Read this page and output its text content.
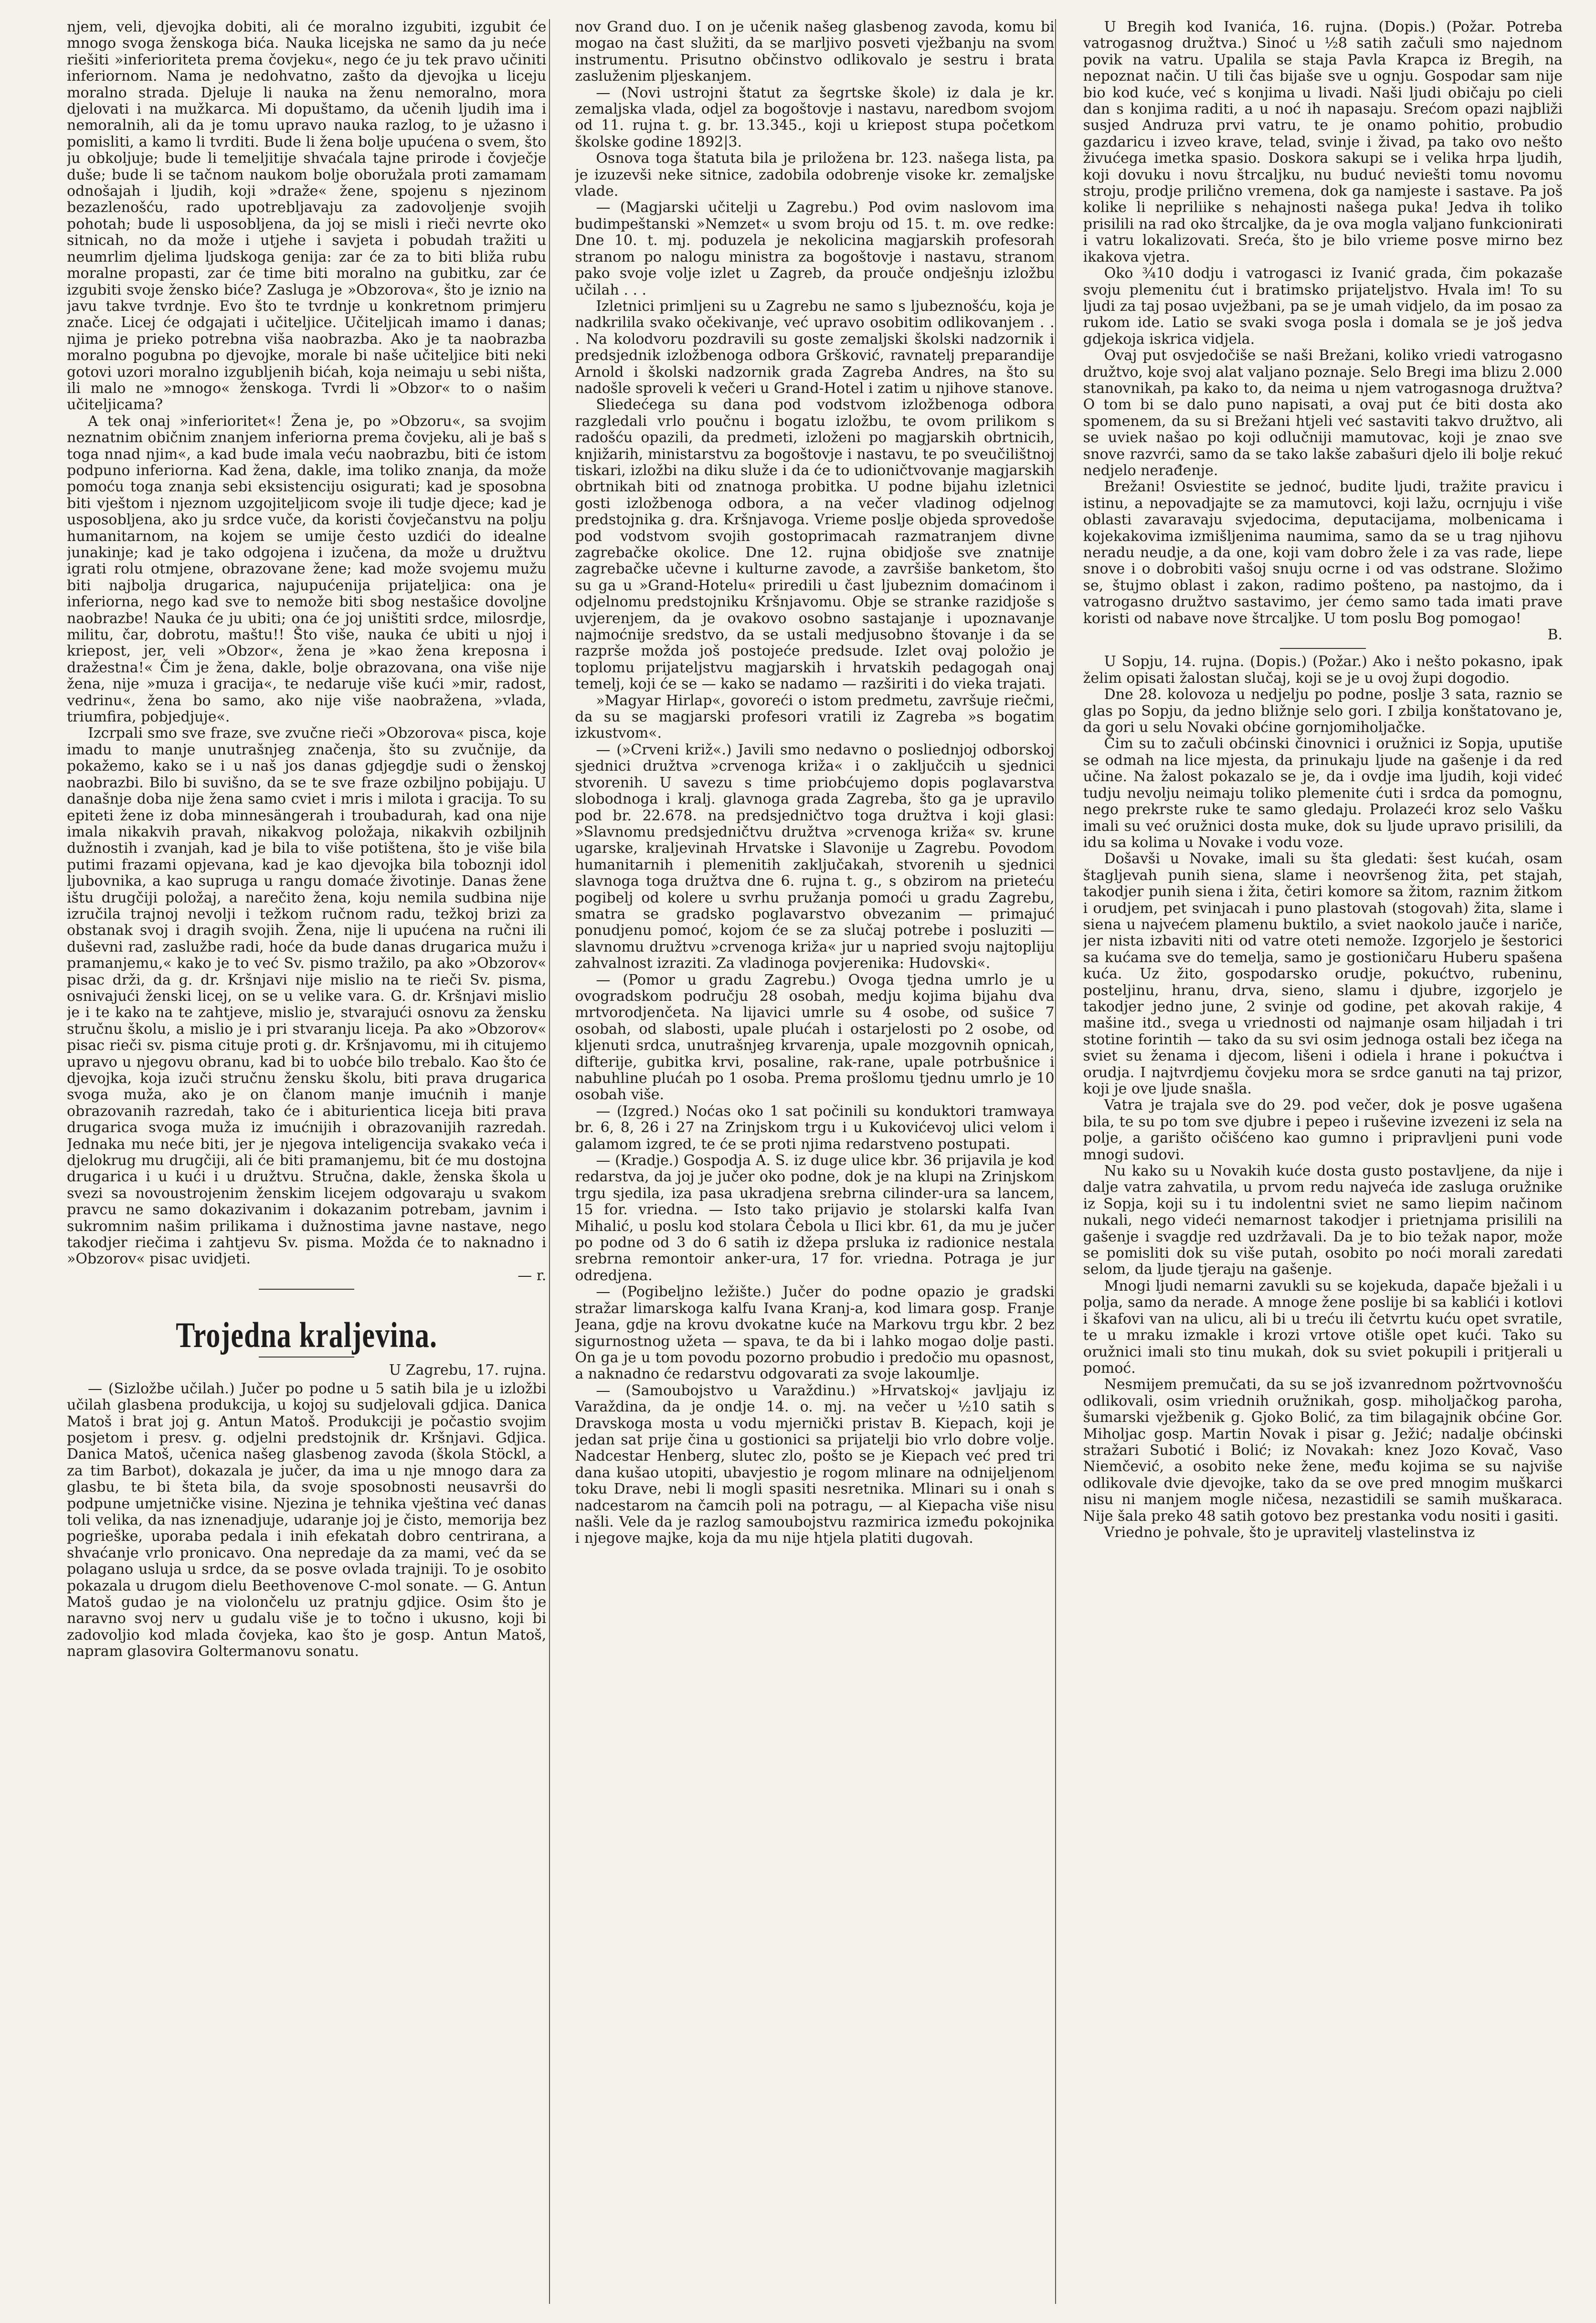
njem, veli, djevojka dobiti, ali će moralno izgubiti, izgubit će mnogo svoga ženskoga bića. Nauka licejska ne samo da ju neće riešiti »inferioriteta prema čovjeku«, nego će ju tek pravo učiniti inferiornom. Nama je nedohvatno, zašto da djevojka u liceju moralno strada. Djeluje li nauka na ženu nemoralno, mora djelovati i na mužkarca. Mi dopuštamo, da učenih ljudih ima i nemoralnih, ali da je tomu upravo nauka razlog, to je užasno i pomisliti, a kamo li tvrditi. Bude li žena bolje upućena o svem, što ju obkoljuje; bude li temeljitije shvaćala tajne prirode i čovječje duše; bude li se tačnom naukom bolje oboružala proti zamamam odnošajah i ljudih, koji »draže« žene, spojenu s njezinom bezazlenošću, rado upotrebljavaju za zadovoljenje svojih pohotah; bude li usposobljena, da joj se misli i rieči nevrte oko sitnicah, no da može i utjehe i savjeta i pobudah tražiti u neumrlim djelima ljudskoga genija: zar će za to biti bliža rubu moralne propasti, zar će time biti moralno na gubitku, zar će izgubiti svoje žensko biće? Zasluga je »Obzorova«, što je iznio na javu takve tvrdnje. Evo što te tvrdnje u konkretnom primjeru znače. Licej će odgajati i učiteljice. Učiteljicah imamo i danas; njima je prieko potrebna viša naobrazba. Ako je ta naobrazba moralno pogubna po djevojke, morale bi naše učiteljice biti neki gotovi uzori moralno izgubljenih bićah, koja neimaju u sebi ništa, ili malo ne »mnogo« ženskoga. Tvrdi li »Obzor« to o našim učiteljicama?

A tek onaj »inferioritet«! Žena je, po »Obzoru«, sa svojim neznatnim običnim znanjem inferiorna prema čovjeku, ali je baš s toga nnad njim«, a kad bude imala veću naobrazbu, biti će istom podpuno inferiorna. Kad žena, dakle, ima toliko znanja, da može pomoću toga znanja sebi eksistenciju osigurati; kad je sposobna biti vještom i njeznom uzgojiteljicom svoje ili tudje djece; kad je usposobljena, ako ju srdce vuče, da koristi čovječanstvu na polju humanitarnom, na kojem se umije često uzdići do idealne junakinje; kad je tako odgojena i izučena, da može u družtvu igrati rolu otmjene, obrazovane žene; kad može svojemu mužu biti najbolja drugarica, najupućenija prijateljica: ona je inferiorna, nego kad sve to nemože biti sbog nestašice dovoljne naobrazbe! Nauka će ju ubiti; ona će joj uništiti srdce, milosrdje, militu, čar, dobrotu, maštu!! Što više, nauka će ubiti u njoj i kriepost, jer, veli »Obzor«, žena je »kao žena kreposna i dražestna!« Čim je žena, dakle, bolje obrazovana, ona više nije žena, nije »muza i gracija«, te nedaruje više kući »mir, radost, vedrinu«, žena bo samo, ako nije više naobražena, »vlada, triumfira, pobjedjuje«.

Izcrpali smo sve fraze, sve zvučne rieči »Obzorova« pisca, koje imadu to manje unutrašnjeg značenja, što su zvučnije, da pokažemo, kako se i u naš jos danas gdjegdje sudi o ženskoj naobrazbi. Bilo bi suvišno, da se te sve fraze ozbiljno pobijaju. U današnje doba nije žena samo cviet i mris i milota i gracija. To su epiteti žene iz doba minnesängerah i troubadurah, kad ona nije imala nikakvih pravah, nikakvog položaja, nikakvih ozbiljnih dužnostih i zvanjah, kad je bila to više potištena, što je više bila putimi frazami opjevana, kad je kao djevojka bila toboznji idol ljubovnika, a kao supruga u rangu domaće životinje. Danas žene ištu drugčiji položaj, a narečito žena, koju nemila sudbina nije izručila trajnoj nevolji i težkom ručnom radu, težkoj brizi za obstanak svoj i dragih svojih. Žena, nije li upućena na ručni ili duševni rad, zaslužbe radi, hoće da bude danas drugarica mužu i pramanjemu,« kako je to već Sv. pismo tražilo, pa ako »Obzorov« pisac drži, da g. dr. Kršnjavi nije mislio na te rieči Sv. pisma, osnivajući ženski licej, on se u velike vara. G. dr. Kršnjavi mislio je i te kako na te zahtjeve, mislio je, stvarajući osnovu za žensku stručnu školu, a mislio je i pri stvaranju liceja. Pa ako »Obzorov« pisac rieči sv. pisma cituje proti g. dr. Kršnjavomu, mi ih citujemo upravo u njegovu obranu, kad bi to uobće bilo trebalo. Kao što će djevojka, koja izuči stručnu žensku školu, biti prava drugarica svoga muža, ako je on članom manje imućnih i manje obrazovanih razredah, tako će i abiturientica liceja biti prava drugarica svoga muža iz imućnijih i obrazovanijih razredah. Jednaka mu neće biti, jer je njegova inteligencija svakako veća i djelokrug mu drugčiji, ali će biti pramanjemu, bit će mu dostojna drugarica i u kući i u družtvu. Stručna, dakle, ženska škola u svezi sa novoustrojenim ženskim licejem odgovaraju u svakom pravcu ne samo dokazivanim i dokazanim potrebam, javnim i sukromnim našim prilikama i dužnostima javne nastave, nego takodjer riečima i zahtjevu Sv. pisma. Možda će to naknadno i »Obzorov« pisac uvidjeti.

— r.

Trojedna kraljevina.

U Zagrebu, 17. rujna.

— (Sizložbe učilah.) Jučer po podne u 5 satih bila je u izložbi učilah glasbena produkcija, u kojoj su sudjelovali gdjica. Danica Matoš i brat joj g. Antun Matoš. Produkciji je počastio svojim posjetom i presv. g. odjelni predstojnik dr. Kršnjavi. Gdjica. Danica Matoš, učenica našeg glasbenog zavoda (škola Stöckl, a za tim Barbot), dokazala je jučer, da ima u nje mnogo dara za glasbu, te bi šteta bila, da svoje sposobnosti neusavrši do podpune umjetničke visine. Njezina je tehnika vještina već danas toli velika, da nas iznenadjuje, udaranje joj je čisto, memorija bez pogrieške, uporaba pedala i inih efekatah dobro centrirana, a shvaćanje vrlo pronicavo. Ona nepredaje da za mami, već da se polagano usluja u srdce, da se posve ovlada trajniji. To je osobito pokazala u drugom dielu Beethovenove C-mol sonate. — G. Antun Matoš gudao je na violončelu uz pratnju gdjice. Osim što je naravno svoj nerv u gudalu više je to točno i ukusno, koji bi zadovoljio kod mlada čovjeka, kao što je gosp. Antun Matoš, napram glasovira Goltermanovu sonatu.

nov Grand duo. I on je učenik našeg glasbenog zavoda, komu bi mogao na čast služiti, da se marljivo posveti vježbanju na svom instrumentu. Prisutno občinstvo odlikovalo je sestru i brata zasluženim pljeskanjem.

— (Novi ustrojni štatut za šegrtske škole) iz dala je kr. zemaljska vlada, odjel za bogoštovje i nastavu, naredbom svojom od 11. rujna t. g. br. 13.345., koji u kriepost stupa početkom školske godine 1892|3.

Osnova toga štatuta bila je priložena br. 123. našega lista, pa je izuzevši neke sitnice, zadobila odobrenje visoke kr. zemaljske vlade.

— (Magjarski učitelji u Zagrebu.) Pod ovim naslovom ima budimpeštanski »Nemzet« u svom broju od 15. t. m. ove redke: Dne 10. t. mj. poduzela je nekolicina magjarskih profesorah stranom po nalogu ministra za bogoštovje i nastavu, stranom pako svoje volje izlet u Zagreb, da prouče ondješnju izložbu učilah . . .

Izletnici primljeni su u Zagrebu ne samo s ljubeznošću, koja je nadkrilila svako očekivanje, već upravo osobitim odlikovanjem . . . Na kolodvoru pozdravili su goste zemaljski školski nadzornik i predsjednik izložbenoga odbora Gršković, ravnatelj preparandije Arnold i školski nadzornik grada Zagreba Andres, na što su nadošle sproveli k večeri u Grand-Hotel i zatim u njihove stanove.

Sliedećega su dana pod vodstvom izložbenoga odbora razgledali vrlo poučnu i bogatu izložbu, te ovom prilikom s radošću opazili, da predmeti, izloženi po magjarskih obrtnicih, knjižarih, ministarstvu za bogoštovje i nastavu, te po sveučilištnoj tiskari, izložbi na diku služe i da će to udioničtvovanje magjarskih obrtnikah biti od znatnoga probitka. U podne bijahu izletnici gosti izložbenoga odbora, a na večer vladinog odjelnog predstojnika g. dra. Kršnjavoga. Vrieme poslje objeda sprovedoše pod vodstvom svojih gostoprimacah razmatranjem divne zagrebačke okolice. Dne 12. rujna obidjoše sve znatnije zagrebačke učevne i kulturne zavode, a završiše banketom, što su ga u »Grand-Hotelu« priredili u čast ljubeznim domaćinom i odjelnomu predstojniku Kršnjavomu. Obje se stranke razidjoše s uvjerenjem, da je ovakovo osobno sastajanje i upoznavanje najmoćnije sredstvo, da se ustali medjusobno štovanje i da se razprše možda još postojeće predsude. Izlet ovaj položio je toplomu prijateljstvu magjarskih i hrvatskih pedagogah onaj temelj, koji će se — kako se nadamo — razširiti i do vieka trajati.

»Magyar Hirlap«, govoreći o istom predmetu, završuje riečmi, da su se magjarski profesori vratili iz Zagreba »s bogatim izkustvom«.

— (»Crveni križ«.) Javili smo nedavno o posliednjoj odborskoj sjednici družtva »crvenoga križa« i o zaključcih u sjednici stvorenih. U savezu s time priobćujemo dopis poglavarstva slobodnoga i kralj. glavnoga grada Zagreba, što ga je upravilo pod br. 22.678. na predsjedničtvo toga družtva i koji glasi: »Slavnomu predsjedničtvu družtva »crvenoga križa« sv. krune ugarske, kraljevinah Hrvatske i Slavonije u Zagrebu. Povodom humanitarnih i plemenitih zaključakah, stvorenih u sjednici slavnoga toga družtva dne 6. rujna t. g., s obzirom na prieteću pogibelj od kolere u svrhu pružanja pomoći u gradu Zagrebu, smatra se gradsko poglavarstvo obvezanim — primajuć ponudjenu pomoć, kojom će se za slučaj potrebe i posluziti — slavnomu družtvu »crvenoga križa« jur u napried svoju najtopliju zahvalnost izraziti. Za vladinoga povjerenika: Hudovski«.

— (Pomor u gradu Zagrebu.) Ovoga tjedna umrlo je u ovogradskom području 28 osobah, medju kojima bijahu dva mrtvorodjenčeta. Na lijavici umrle su 4 osobe, od sušice 7 osobah, od slabosti, upale plućah i ostarjelosti po 2 osobe, od kljenuti srdca, unutrašnjeg krvarenja, upale mozgovnih opnicah, difterije, gubitka krvi, posaline, rak-rane, upale potrbušnice i nabuhline plućah po 1 osoba. Prema prošlomu tjednu umrlo je 10 osobah više.

— (Izgred.) Noćas oko 1 sat počinili su konduktori tramwaya br. 6, 8, 26 i 27 na Zrinjskom trgu i u Kukovićevoj ulici velom i galamom izgred, te će se proti njima redarstveno postupati.

— (Kradje.) Gospodja A. S. iz duge ulice kbr. 36 prijavila je kod redarstva, da joj je jučer oko podne, dok je na klupi na Zrinjskom trgu sjedila, iza pasa ukradjena srebrna cilinder-ura sa lancem, 15 for. vriedna. — Isto tako prijavio je stolarski kalfa Ivan Mihalić, u poslu kod stolara Čebola u Ilici kbr. 61, da mu je jučer po podne od 3 do 6 satih iz džepa prsluka iz radionice nestala srebrna remontoir anker-ura, 17 for. vriedna. Potraga je jur odredjena.

— (Pogibeljno ležište.) Jučer do podne opazio je gradski stražar limarskoga kalfu Ivana Kranj-a, kod limara gosp. Franje Jeana, gdje na krovu dvokatne kuće na Markovu trgu kbr. 2 bez sigurnostnog užeta — spava, te da bi i lahko mogao dolje pasti. On ga je u tom povodu pozorno probudio i predočio mu opasnost, a naknadno će redarstvu odgovarati za svoje lakoumlje.

— (Samoubojstvo u Varaždinu.) »Hrvatskoj« javljaju iz Varaždina, da je ondje 14. o. mj. na večer u ½10 satih s Dravskoga mosta u vodu mjernički pristav B. Kiepach, koji je jedan sat prije čina u gostionici sa prijatelji bio vrlo dobre volje. Nadcestar Henberg, slutec zlo, pošto se je Kiepach već pred tri dana kušao utopiti, ubavjestio je rogom mlinare na odnijeljenom toku Drave, nebi li mogli spasiti nesretnika. Mlinari su i onah s nadcestarom na čamcih poli na potragu, — al Kiepacha više nisu našli. Vele da je razlog samoubojstvu razmirica između pokojnika i njegove majke, koja da mu nije htjela platiti dugovah.

U Bregih kod Ivanića, 16. rujna. (Dopis.) (Požar. Potreba vatrogasnog družtva.) Sinoć u ½8 satih začuli smo najednom povik na vatru. Upalila se staja Pavla Krapca iz Bregih, na nepoznat način. U tili čas bijaše sve u ognju. Gospodar sam nije bio kod kuće, već s konjima u livadi. Naši ljudi običaju po cieli dan s konjima raditi, a u noć ih napasaju. Srećom opazi najbliži susjed Andruza prvi vatru, te je onamo pohitio, probudio gazdaricu i izveo krave, telad, svinje i živad, pa tako ovo nešto živućega imetka spasio. Doskora sakupi se i velika hrpa ljudih, koji dovuku i novu štrcaljku, nu buduć neviešti tomu novomu stroju, prodje prilično vremena, dok ga namjeste i sastave. Pa još kolike li nepriliike s nehajnosti našega puka! Jedva ih toliko prisilili na rad oko štrcaljke, da je ova mogla valjano funkcionirati i vatru lokalizovati. Sreća, što je bilo vrieme posve mirno bez ikakova vjetra.

Oko ¾10 dodju i vatrogasci iz Ivanić grada, čim pokazaše svoju plemenitu ćut i bratimsko prijateljstvo. Hvala im! To su ljudi za taj posao uvježbani, pa se je umah vidjelo, da im posao za rukom ide. Latio se svaki svoga posla i domala se je još jedva gdjekoja iskrica vidjela.

Ovaj put osvjedočiše se naši Brežani, koliko vriedi vatrogasno družtvo, koje svoj alat valjano poznaje. Selo Bregi ima blizu 2.000 stanovnikah, pa kako to, da neima u njem vatrogasnoga družtva? O tom bi se dalo puno napisati, a ovaj put će biti dosta ako spomenem, da su si Brežani htjeli već sastaviti takvo družtvo, ali se uviek našao po koji odlučniji mamutovac, koji je znao sve snove razvrći, samo da se tako lakše zabašuri djelo ili bolje rekuć nedjelo nerađenje.

Brežani! Osviestite se jednoć, budite ljudi, tražite pravicu i istinu, a nepovadjajte se za mamutovci, koji lažu, ocrnjuju i više oblasti zavaravaju svjedocima, deputacijama, molbenicama i kojekakovima izmišljenima naumima, samo da se u trag njihovu neradu neudje, a da one, koji vam dobro žele i za vas rade, liepe snove i o dobrobiti vašoj snuju ocrne i od vas odstrane. Složimo se, štujmo oblast i zakon, radimo pošteno, pa nastojmo, da i vatrogasno družtvo sastavimo, jer ćemo samo tada imati prave koristi od nabave nove štrcaljke. U tom poslu Bog pomogao!

B.

U Sopju, 14. rujna. (Dopis.) (Požar.) Ako i nešto pokasno, ipak želim opisati žalostan slučaj, koji se je u ovoj župi dogodio.

Dne 28. kolovoza u nedjelju po podne, poslje 3 sata, raznio se glas po Sopju, da jedno bližnje selo gori. I zbilja konštatovano je, da gori u selu Novaki obćine gornjomiholjačke.

Čim su to začuli obćinski činovnici i oružnici iz Sopja, uputiše se odmah na lice mjesta, da prinukaju ljude na gašenje i da red učine. Na žalost pokazalo se je, da i ovdje ima ljudih, koji videć tudju nevolju neimaju toliko plemenite ćuti i srdca da pomognu, nego prekrste ruke te samo gledaju. Prolazeći kroz selo Vašku imali su već oružnici dosta muke, dok su ljude upravo prisilili, da idu sa kolima u Novake i vodu voze.

Došavši u Novake, imali su šta gledati: šest kućah, osam štagljevah punih siena, slame i neovršenog žita, pet stajah, takodjer punih siena i žita, četiri komore sa žitom, raznim žitkom i orudjem, pet svinjacah i puno plastovah (stogovah) žita, slame i siena u najvećem plamenu buktilo, a sviet naokolo jauče i nariče, jer nista izbaviti niti od vatre oteti nemože. Izgorjelo je šestorici sa kućama sve do temelja, samo je gostioničaru Huberu spašena kuća. Uz žito, gospodarsko orudje, pokućtvo, rubeninu, posteljinu, hranu, drva, sieno, slamu i djubre, izgorjelo je takodjer jedno june, 2 svinje od godine, pet akovah rakije, 4 mašine itd., svega u vriednosti od najmanje osam hiljadah i tri stotine forintih — tako da su svi osim jednoga ostali bez ičega na sviet su ženama i djecom, lišeni i odiela i hrane i pokućtva i orudja. I najtvrdjemu čovjeku mora se srdce ganuti na taj prizor, koji je ove ljude snašla.

Vatra je trajala sve do 29. pod večer, dok je posve ugašena bila, te su po tom sve djubre i pepeo i ruševine izvezeni iz sela na polje, a garišto očišćeno kao gumno i pripravljeni puni vode mnogi sudovi.

Nu kako su u Novakih kuće dosta gusto postavljene, da nije i dalje vatra zahvatila, u prvom redu najveća ide zasluga oružnike iz Sopja, koji su i tu indolentni sviet ne samo liepim načinom nukali, nego videći nemarnost takodjer i prietnjama prisilili na gašenje i svagdje red uzdržavali. Da je to bio težak napor, može se pomisliti dok su više putah, osobito po noći morali zaredati selom, da ljude tjeraju na gašenje.

Mnogi ljudi nemarni zavukli su se kojekuda, dapače bježali i u polja, samo da nerade. A mnoge žene poslije bi sa kablići i kotlovi i škafovi van na ulicu, ali bi u treću ili četvrtu kuću opet svratile, te u mraku izmakle i krozi vrtove otišle opet kući. Tako su oružnici imali sto tinu mukah, dok su sviet pokupili i pritjerali u pomoć.

Nesmijem premučati, da su se još izvanrednom požrtvovnošću odlikovali, osim vriednih oružnikah, gosp. miholjačkog paroha, šumarski vježbenik g. Gjoko Bolić, za tim bilagajnik obćine Gor. Miholjac gosp. Martin Novak i pisar g. Ježić; nadalje obćinski stražari Subotić i Bolić; iz Novakah: knez Jozo Kovač, Vaso Niemčević, a osobito neke žene, među kojima se su najviše odlikovale dvie djevojke, tako da se ove pred mnogim muškarci nisu ni manjem mogle ničesa, nezastidili se samih muškaraca. Nije šala preko 48 satih gotovo bez prestanka vodu nositi i gasiti.

Vriedno je pohvale, što je upravitelj vlastelinstva iz
